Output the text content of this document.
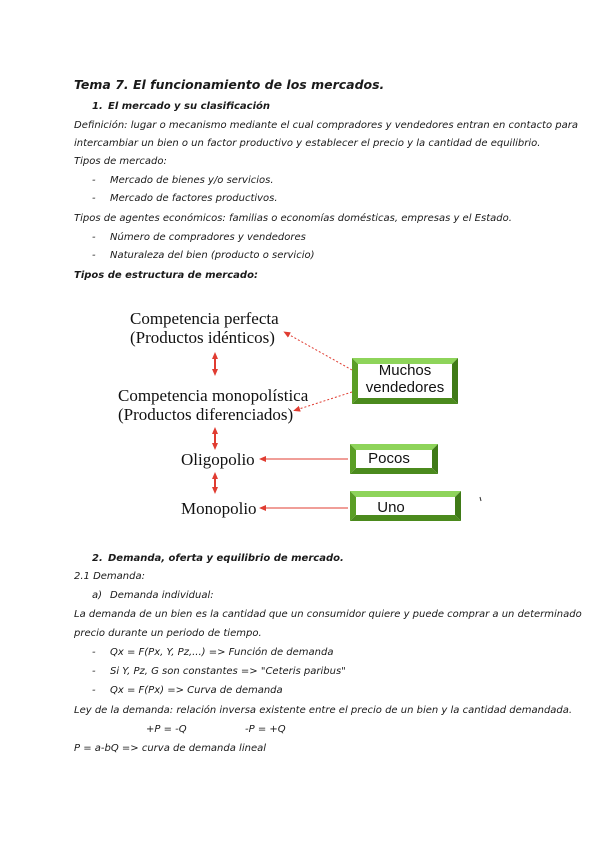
Tema 7. El funcionamiento de los mercados.
1. El mercado y su clasificación
Definición: lugar o mecanismo mediante el cual compradores y vendedores entran en contacto para
intercambiar un bien o un factor productivo y establecer el precio y la cantidad de equilibrio.
Tipos de mercado:
- Mercado de bienes y/o servicios.
- Mercado de factores productivos.
Tipos de agentes económicos: familias o economías domésticas, empresas y el Estado.
- Número de compradores y vendedores
- Naturaleza del bien (producto o servicio)
Tipos de estructura de mercado:
Competencia perfecta
(Productos idénticos)
Competencia monopolística
(Productos diferenciados)
Oligopolio
Monopolio
Muchos
vendedores
Pocos
Uno
2. Demanda, oferta y equilibrio de mercado.
2.1 Demanda:
a) Demanda individual:
La demanda de un bien es la cantidad que un consumidor quiere y puede comprar a un determinado
precio durante un periodo de tiempo.
- Qx = F(Px, Y, Pz,...) => Función de demanda
- Si Y, Pz, G son constantes => "Ceteris paribus"
- Qx = F(Px) => Curva de demanda
Ley de la demanda: relación inversa existente entre el precio de un bien y la cantidad demandada.
+P = -Q	-P = +Q
P = a-bQ => curva de demanda lineal
